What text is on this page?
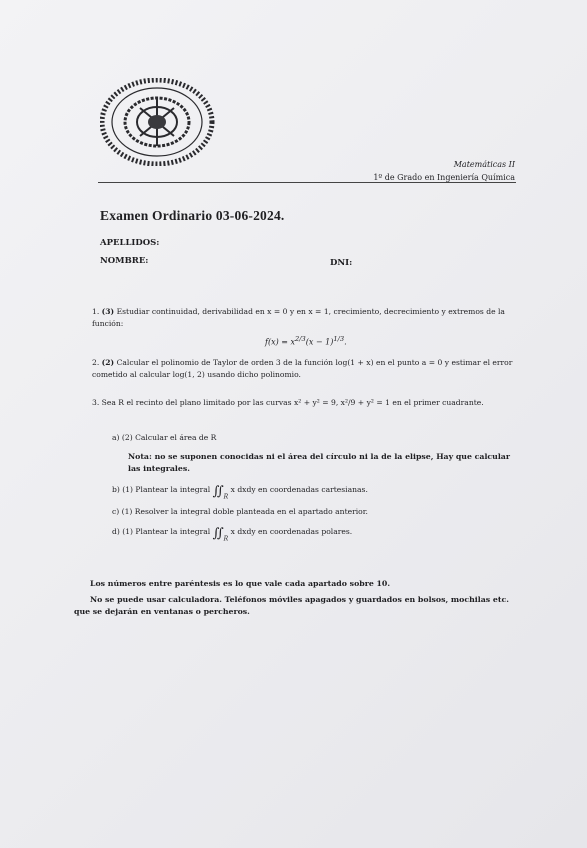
Matemáticas II
1º de Grado en Ingeniería Química
Examen Ordinario 03-06-2024.
APELLIDOS:
NOMBRE:	DNI:
1. (3) Estudiar continuidad, derivabilidad en x = 0 y en x = 1, crecimiento, decrecimiento y extremos de la función:
$f(x) = x^{2/3}(x - 1)^{1/3}$.
2. (2) Calcular el polinomio de Taylor de orden 3 de la función log(1 + x) en el punto a = 0 y estimar el error cometido al calcular log(1, 2) usando dicho polinomio.
3. Sea R el recinto del plano limitado por las curvas x² + y² = 9, x²/9 + y² = 1 en el primer cuadrante.
a) (2) Calcular el área de R
Nota: no se suponen conocidas ni el área del círculo ni la de la elipse, Hay que calcular las integrales.
b) (1) Plantear la integral $∬_R$ x dxdy en coordenadas cartesianas.
c) (1) Resolver la integral doble planteada en el apartado anterior.
d) (1) Plantear la integral $∬_R$ x dxdy en coordenadas polares.
Los números entre paréntesis es lo que vale cada apartado sobre 10.
No se puede usar calculadora. Teléfonos móviles apagados y guardados en bolsos, mochilas etc. que se dejarán en ventanas o percheros.
